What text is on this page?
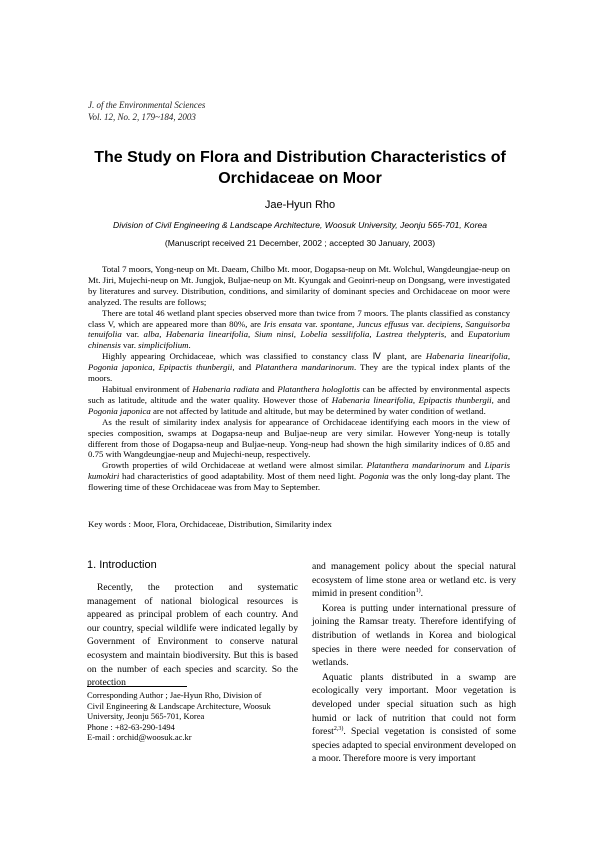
J. of the Environmental Sciences
Vol. 12, No. 2, 179~184, 2003
The Study on Flora and Distribution Characteristics of
Orchidaceae on Moor
Jae-Hyun Rho
Division of Civil Engineering & Landscape Architecture, Woosuk University, Jeonju 565-701, Korea
(Manuscript received 21 December, 2002 ; accepted 30 January, 2003)

Total 7 moors, Yong-neup on Mt. Daeam, Chilbo Mt. moor, Dogapsa-neup on Mt. Wolchul, Wangdeungjae-neup on Mt. Jiri, Mujechi-neup on Mt. Jungjok, Buljae-neup on Mt. Kyungak and Geoinri-neup on Dongsang, were investigated by literatures and survey. Distribution, conditions, and similarity of dominant species and Orchidaceae on moor were analyzed. The results are follows;

There are total 46 wetland plant species observed more than twice from 7 moors. The plants classified as constancy class V, which are appeared more than 80%, are Iris ensata var. spontane, Juncus effusus var. decipiens, Sanguisorba tenuifolia var. alba, Habenaria linearifolia, Sium ninsi, Lobelia sessilifolia, Lastrea thelypteris, and Eupatorium chinensis var. simplicifolium.

Highly appearing Orchidaceae, which was classified to constancy class Ⅳ plant, are Habenaria linearifolia, Pogonia japonica, Epipactis thunbergii, and Platanthera mandarinorum. They are the typical index plants of the moors.

Habitual environment of Habenaria radiata and Platanthera hologlottis can be affected by environmental aspects such as latitude, altitude and the water quality. However those of Habenaria linearifolia, Epipactis thunbergii, and Pogonia japonica are not affected by latitude and altitude, but may be determined by water condition of wetland.

As the result of similarity index analysis for appearance of Orchidaceae identifying each moors in the view of species composition, swamps at Dogapsa-neup and Buljae-neup are very similar. However Yong-neup is totally different from those of Dogapsa-neup and Buljae-neup. Yong-neup had shown the high similarity indices of 0.85 and 0.75 with Wangdeungjae-neup and Mujechi-neup, respectively.

Growth properties of wild Orchidaceae at wetland were almost similar. Platanthera mandarinorum and Liparis kumokiri had characteristics of good adaptability. Most of them need light. Pogonia was the only long-day plant. The flowering time of these Orchidaceae was from May to September.

Key words : Moor, Flora, Orchidaceae, Distribution, Similarity index
1. Introduction

Recently, the protection and systematic management of national biological resources is appeared as principal problem of each country. And our country, special wildlife were indicated legally by Government of Environment to conserve natural ecosystem and maintain biodiversity. But this is based on the number of each species and scarcity. So the protection

and management policy about the special natural ecosystem of lime stone area or wetland etc. is very mimid in present condition$^{1)}$.

Korea is putting under international pressure of joining the Ramsar treaty. Therefore identifying of distribution of wetlands in Korea and biological species in there were needed for conservation of wetlands.

Aquatic plants distributed in a swamp are ecologically very important. Moor vegetation is developed under special situation such as high humid or lack of nutrition that could not form forest$^{2,3)}$. Special vegetation is consisted of some species adapted to special environment developed on a moor. Therefore moore is very important

Corresponding Author ; Jae-Hyun Rho, Division of
Civil Engineering & Landscape Architecture, Woosuk
University, Jeonju 565-701, Korea
Phone : +82-63-290-1494
E-mail : orchid@woosuk.ac.kr
